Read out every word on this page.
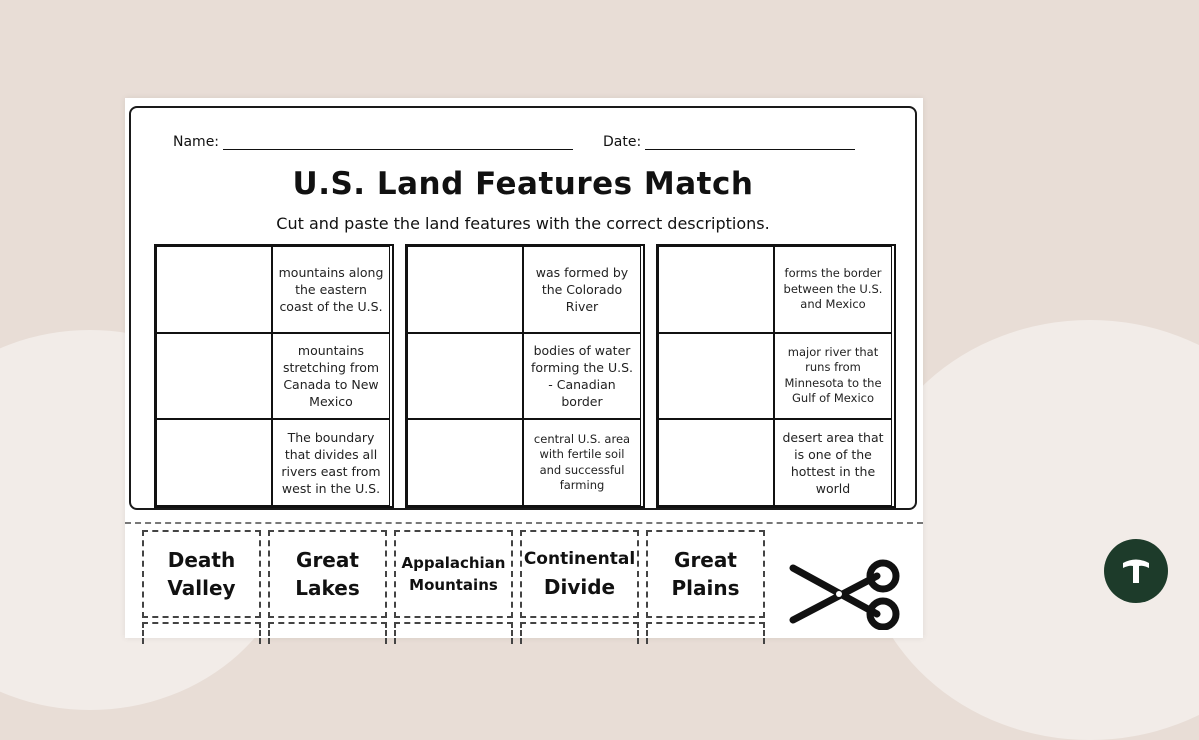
Name:	Date:
U.S. Land Features Match
Cut and paste the land features with the correct descriptions.
mountains along the eastern coast of the U.S.
mountains stretching from Canada to New Mexico
The boundary that divides all rivers east from west in the U.S.
was formed by the Colorado River
bodies of water forming the U.S. - Canadian border
central U.S. area with fertile soil and successful farming
forms the border between the U.S. and Mexico
major river that runs from Minnesota to the Gulf of Mexico
desert area that is one of the hottest in the world
Death
Valley
Great
Lakes
Appalachian
Mountains
Continental
Divide
Great
Plains
